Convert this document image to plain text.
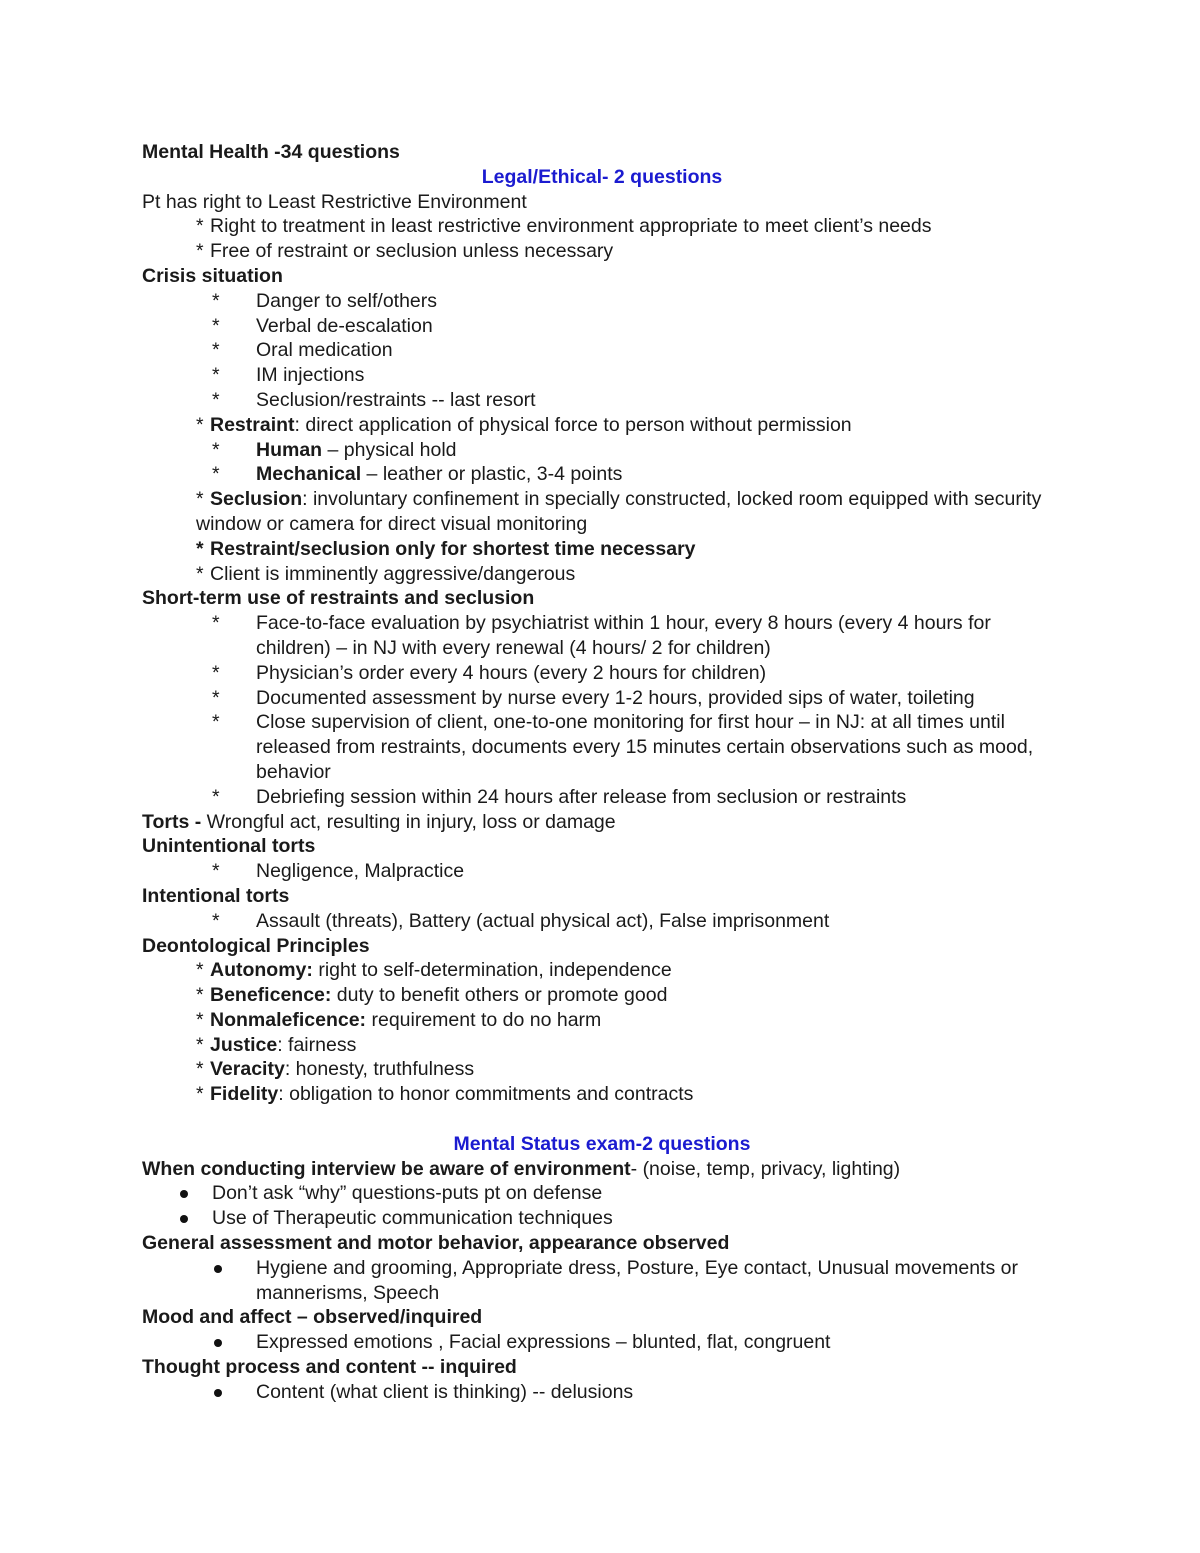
Mental Health -34 questions
Legal/Ethical- 2 questions
Pt has right to Least Restrictive Environment
* Right to treatment in least restrictive environment appropriate to meet client’s needs
* Free of restraint or seclusion unless necessary
Crisis situation
* Danger to self/others
* Verbal de-escalation
* Oral medication
* IM injections
* Seclusion/restraints -- last resort
* Restraint: direct application of physical force to person without permission
* Human – physical hold
* Mechanical – leather or plastic, 3-4 points
* Seclusion: involuntary confinement in specially constructed, locked room equipped with security window or camera for direct visual monitoring
* Restraint/seclusion only for shortest time necessary
* Client is imminently aggressive/dangerous
Short-term use of restraints and seclusion
* Face-to-face evaluation by psychiatrist within 1 hour, every 8 hours (every 4 hours for children) – in NJ with every renewal (4 hours/ 2 for children)
* Physician’s order every 4 hours (every 2 hours for children)
* Documented assessment by nurse every 1-2 hours, provided sips of water, toileting
* Close supervision of client, one-to-one monitoring for first hour – in NJ: at all times until released from restraints, documents every 15 minutes certain observations such as mood, behavior
* Debriefing session within 24 hours after release from seclusion or restraints
Torts - Wrongful act, resulting in injury, loss or damage
Unintentional torts
* Negligence, Malpractice
Intentional torts
* Assault (threats), Battery (actual physical act), False imprisonment
Deontological Principles
* Autonomy: right to self-determination, independence
* Beneficence: duty to benefit others or promote good
* Nonmaleficence: requirement to do no harm
* Justice: fairness
* Veracity: honesty, truthfulness
* Fidelity: obligation to honor commitments and contracts
Mental Status exam-2 questions
When conducting interview be aware of environment- (noise, temp, privacy, lighting)
Don’t ask “why” questions-puts pt on defense
Use of Therapeutic communication techniques
General assessment and motor behavior, appearance observed
Hygiene and grooming, Appropriate dress, Posture, Eye contact, Unusual movements or mannerisms, Speech
Mood and affect – observed/inquired
Expressed emotions , Facial expressions – blunted, flat, congruent
Thought process and content -- inquired
Content (what client is thinking) -- delusions
